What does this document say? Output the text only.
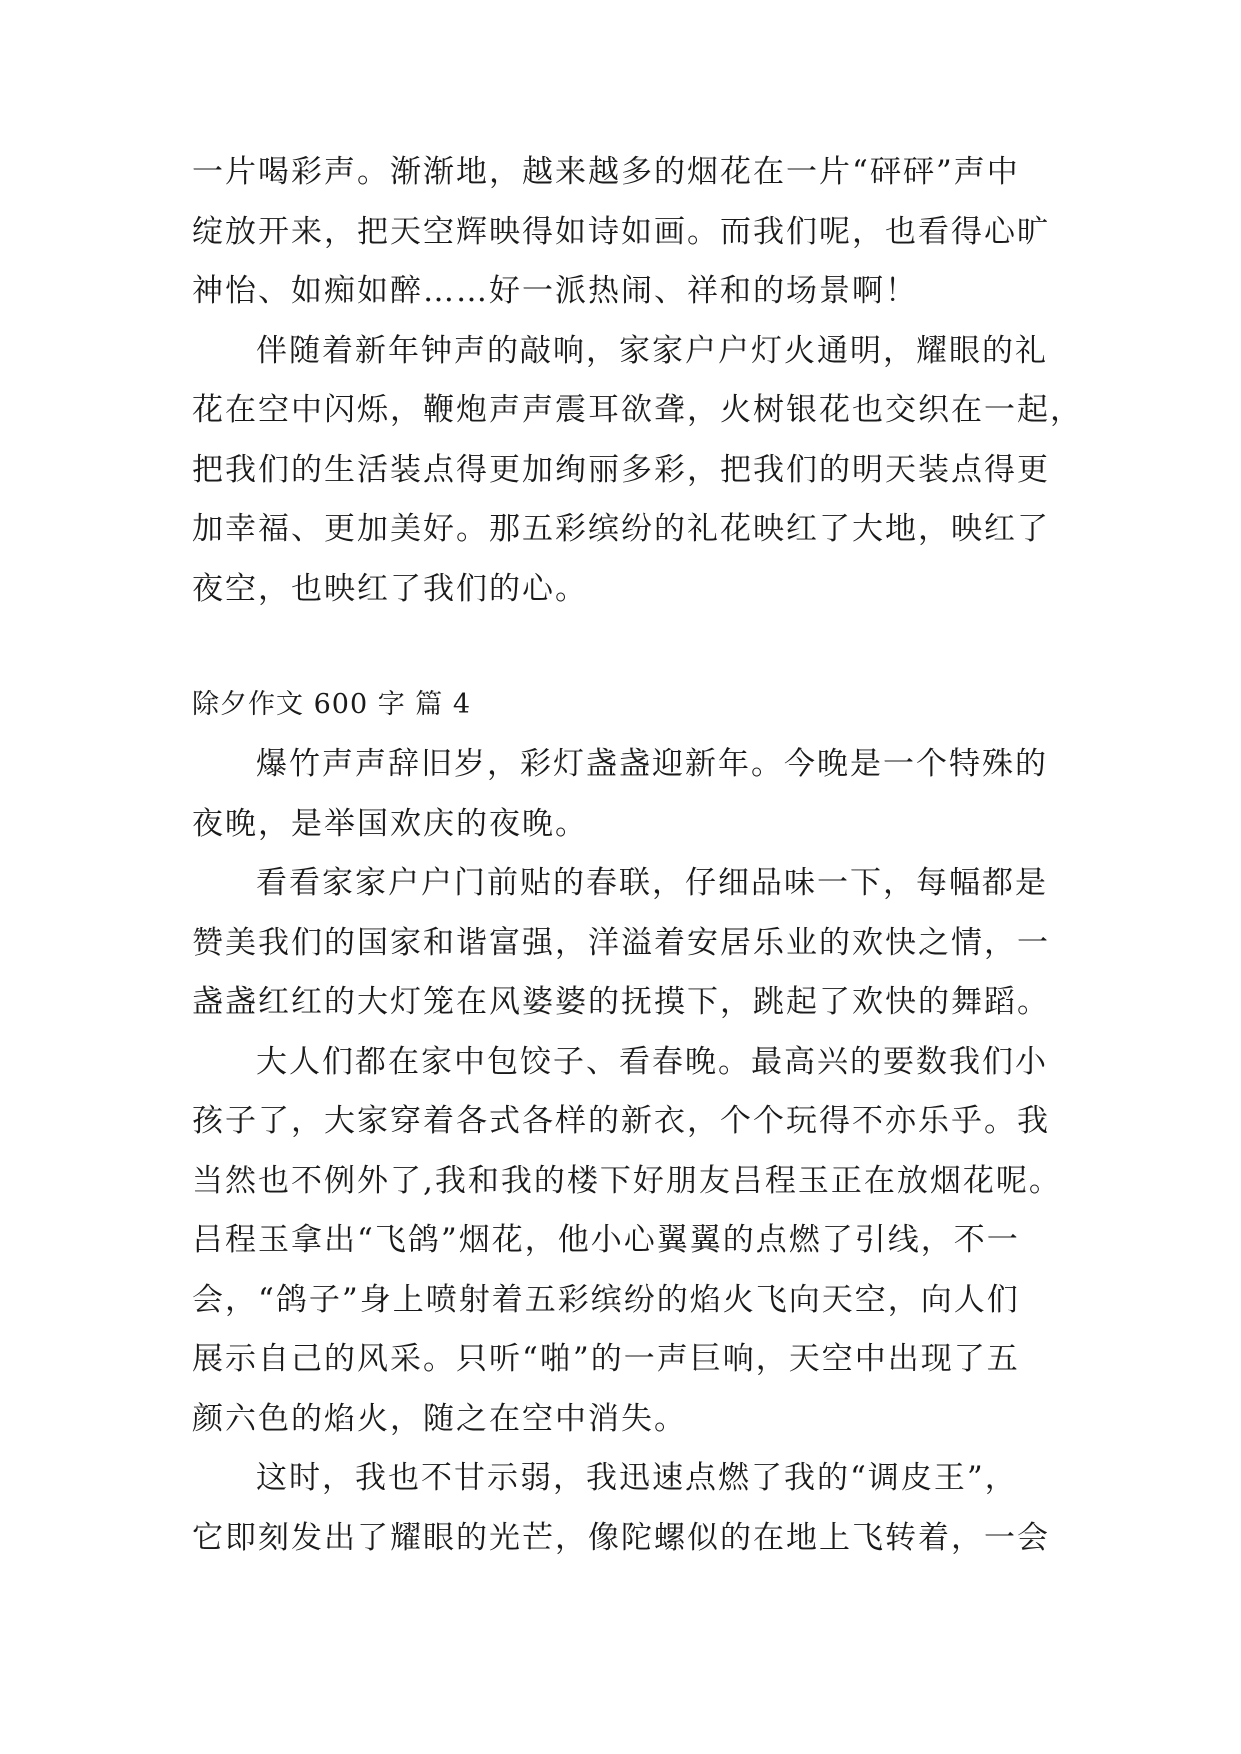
一片喝彩声。渐渐地，越来越多的烟花在一片“砰砰”声中
绽放开来，把天空辉映得如诗如画。而我们呢，也看得心旷
神怡、如痴如醉……好一派热闹、祥和的场景啊！
伴随着新年钟声的敲响，家家户户灯火通明，耀眼的礼
花在空中闪烁，鞭炮声声震耳欲聋，火树银花也交织在一起，
把我们的生活装点得更加绚丽多彩，把我们的明天装点得更
加幸福、更加美好。那五彩缤纷的礼花映红了大地，映红了
夜空，也映红了我们的心。
除夕作文 600 字 篇 4
爆竹声声辞旧岁，彩灯盏盏迎新年。今晚是一个特殊的
夜晚，是举国欢庆的夜晚。
看看家家户户门前贴的春联，仔细品味一下，每幅都是
赞美我们的国家和谐富强，洋溢着安居乐业的欢快之情，一
盏盏红红的大灯笼在风婆婆的抚摸下，跳起了欢快的舞蹈。
大人们都在家中包饺子、看春晚。最高兴的要数我们小
孩子了，大家穿着各式各样的新衣，个个玩得不亦乐乎。我
当然也不例外了,我和我的楼下好朋友吕程玉正在放烟花呢。
吕程玉拿出“飞鸽”烟花，他小心翼翼的点燃了引线，不一
会，“鸽子”身上喷射着五彩缤纷的焰火飞向天空，向人们
展示自己的风采。只听“啪”的一声巨响，天空中出现了五
颜六色的焰火，随之在空中消失。
这时，我也不甘示弱，我迅速点燃了我的“调皮王”，
它即刻发出了耀眼的光芒，像陀螺似的在地上飞转着，一会
